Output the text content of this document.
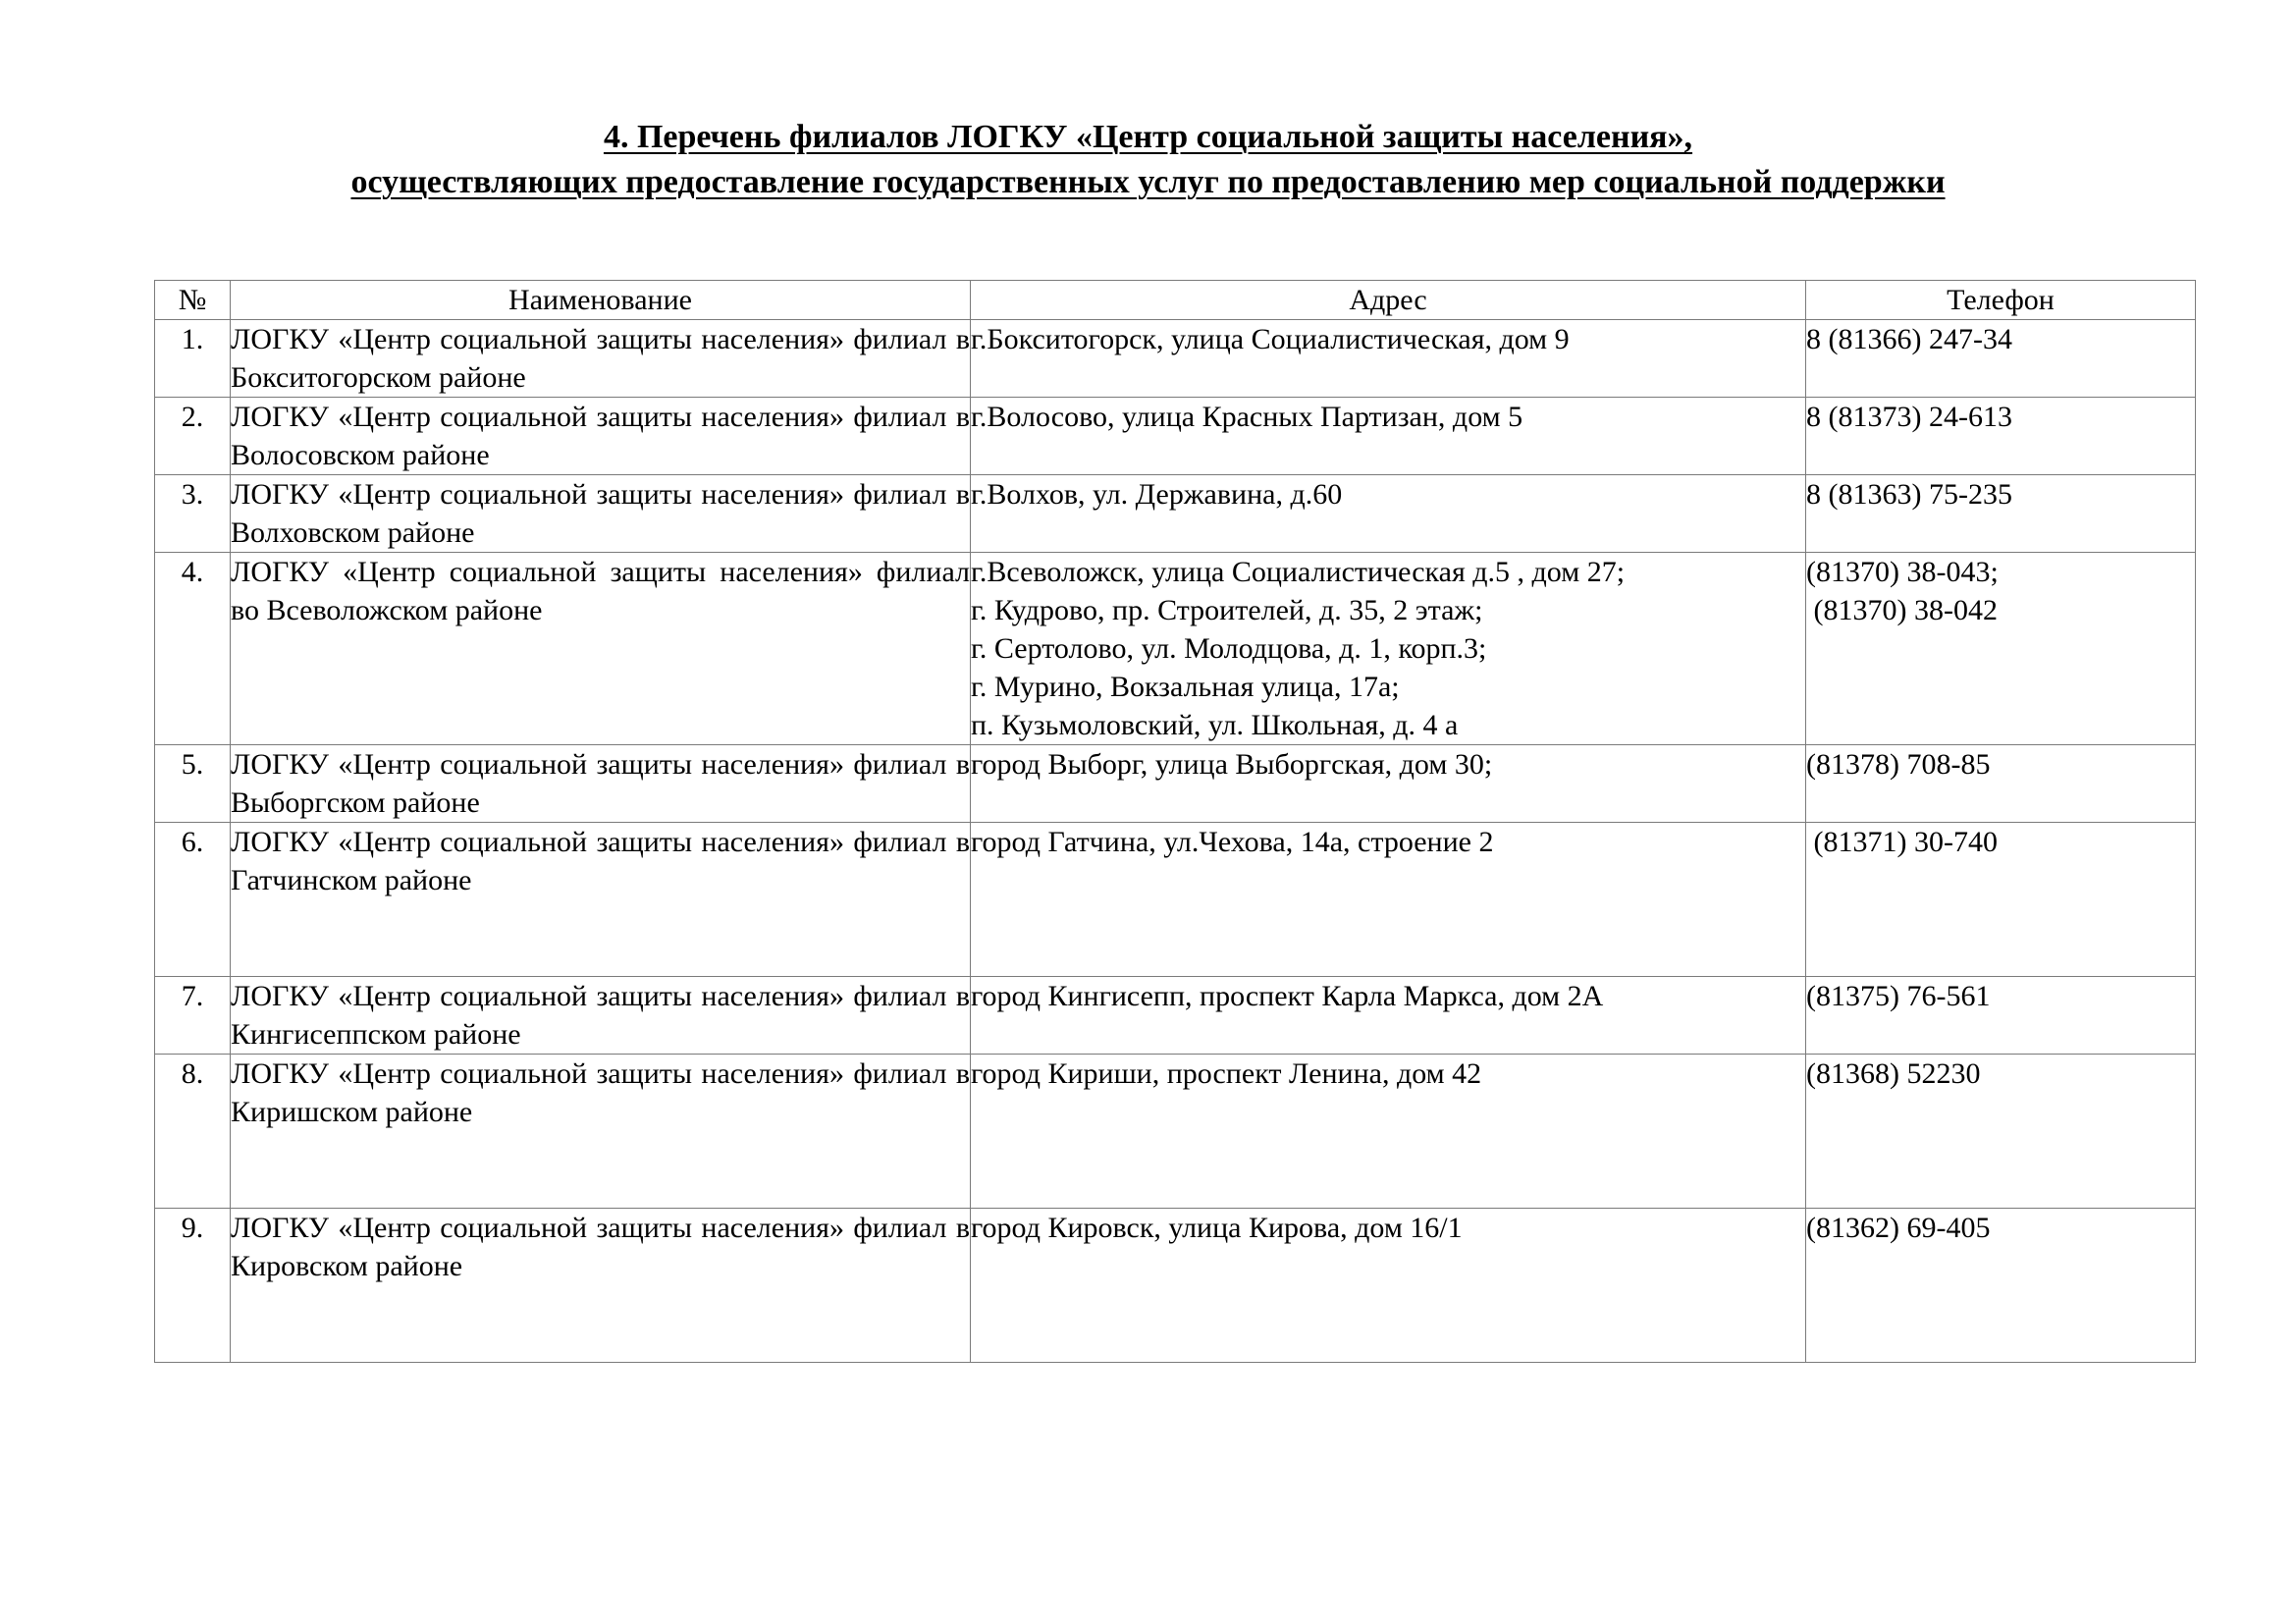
4. Перечень филиалов ЛОГКУ «Центр социальной защиты населения»,
осуществляющих предоставление государственных услуг по предоставлению мер социальной поддержки
№	Наименование	Адрес	Телефон
1.	ЛОГКУ «Центр социальной защиты населения» филиал в Бокситогорском районе	г.Бокситогорск, улица Социалистическая, дом 9	8 (81366) 247-34

2.	ЛОГКУ «Центр социальной защиты населения» филиал в Волосовском районе	г.Волосово, улица Красных Партизан, дом 5	8 (81373) 24-613

3.	ЛОГКУ «Центр социальной защиты населения» филиал в Волховском районе	г.Волхов, ул. Державина, д.60	8 (81363) 75-235

4.	ЛОГКУ «Центр социальной защиты населения» филиал во Всеволожском районе	г.Всеволожск, улица Социалистическая д.5 , дом 27;
г. Кудрово, пр. Строителей, д. 35, 2 этаж;
г. Сертолово, ул. Молодцова, д. 1, корп.3;
г. Мурино, Вокзальная улица, 17а;
п. Кузьмоловский, ул. Школьная, д. 4 а	(81370) 38-043;
(81370) 38-042

5.	ЛОГКУ «Центр социальной защиты населения» филиал в Выборгском районе	город Выборг, улица Выборгская, дом 30;	(81378) 708-85

6.	ЛОГКУ «Центр социальной защиты населения» филиал в Гатчинском районе	город Гатчина, ул.Чехова, 14а, строение 2	(81371) 30-740

7.	ЛОГКУ «Центр социальной защиты населения» филиал в Кингисеппском районе	город Кингисепп, проспект Карла Маркса, дом 2А	(81375) 76-561

8.	ЛОГКУ «Центр социальной защиты населения» филиал в Киришском районе	город Кириши, проспект Ленина, дом 42	(81368) 52230

9.	ЛОГКУ «Центр социальной защиты населения» филиал в Кировском районе	город Кировск, улица Кирова, дом 16/1	(81362) 69-405
